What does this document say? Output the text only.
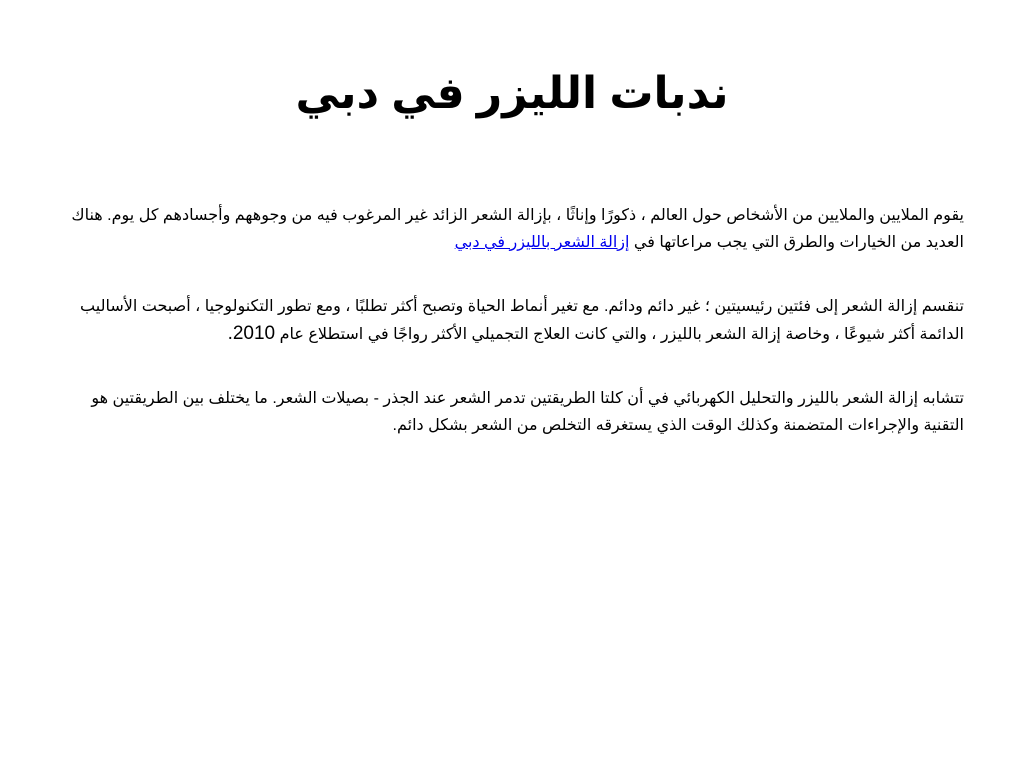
ندبات الليزر في دبي

يقوم الملايين والملايين من الأشخاص حول العالم ، ذكورًا وإناثًا ، بإزالة الشعر الزائد غير المرغوب فيه من وجوههم وأجسادهم كل يوم. هناك العديد من الخيارات والطرق التي يجب مراعاتها في إزالة الشعر بالليزر في دبي

تنقسم إزالة الشعر إلى فئتين رئيسيتين ؛ غير دائم ودائم. مع تغير أنماط الحياة وتصبح أكثر تطلبًا ، ومع تطور التكنولوجيا ، أصبحت الأساليب الدائمة أكثر شيوعًا ، وخاصة إزالة الشعر بالليزر ، والتي كانت العلاج التجميلي الأكثر رواجًا في استطلاع عام 2010.

تتشابه إزالة الشعر بالليزر والتحليل الكهربائي في أن كلتا الطريقتين تدمر الشعر عند الجذر - بصيلات الشعر. ما يختلف بين الطريقتين هو التقنية والإجراءات المتضمنة وكذلك الوقت الذي يستغرقه التخلص من الشعر بشكل دائم.
